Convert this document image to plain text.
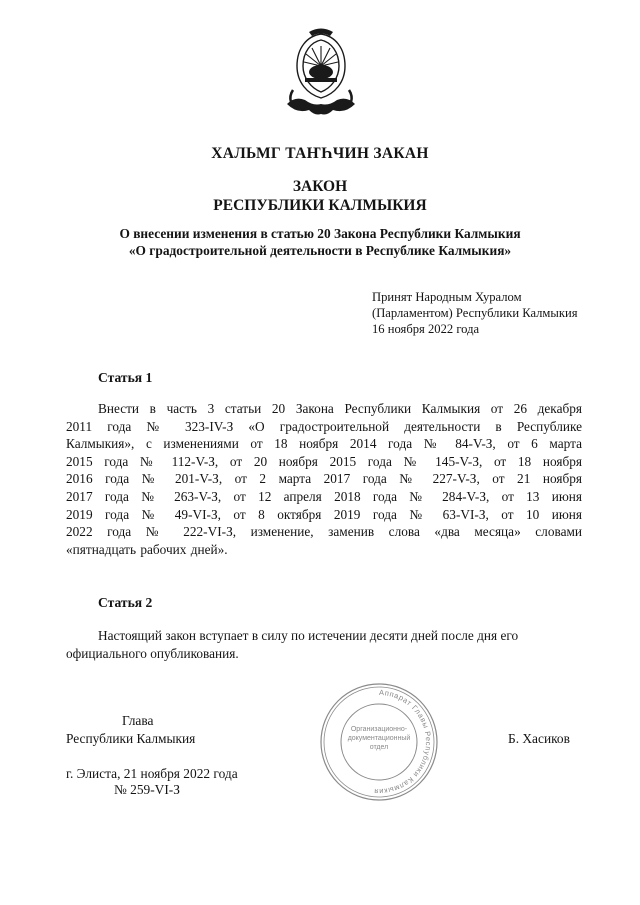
ХАЛЬМГ ТАҤҺЧИН ЗАКАН
ЗАКОН
РЕСПУБЛИКИ КАЛМЫКИЯ
О внесении изменения в статью 20 Закона Республики Калмыкия
«О градостроительной деятельности в Республике Калмыкия»
Принят Народным Хуралом
(Парламентом) Республики Калмыкия
16 ноября 2022 года
Статья 1
Внести в часть 3 статьи 20 Закона Республики Калмыкия от 26 декабря
2011 года № 323-IV-З «О градостроительной деятельности в Республике
Калмыкия», с изменениями от 18 ноября 2014 года № 84-V-З, от 6 марта
2015 года № 112-V-З, от 20 ноября 2015 года № 145-V-З, от 18 ноября
2016 года № 201-V-З, от 2 марта 2017 года № 227-V-З, от 21 ноября
2017 года № 263-V-З, от 12 апреля 2018 года № 284-V-З, от 13 июня
2019 года № 49-VI-З, от 8 октября 2019 года № 63-VI-З, от 10 июня
2022 года № 222-VI-З, изменение, заменив слова «два месяца» словами
«пятнадцать рабочих дней».
Статья 2
Настоящий закон вступает в силу по истечении десяти дней после дня его
официального опубликования.
Глава
Республики Калмыкия	Б. Хасиков
г. Элиста, 21 ноября 2022 года
№ 259-VI-З
Аппарат Главы Республики Калмыкия
Организационно-документационный отдел
